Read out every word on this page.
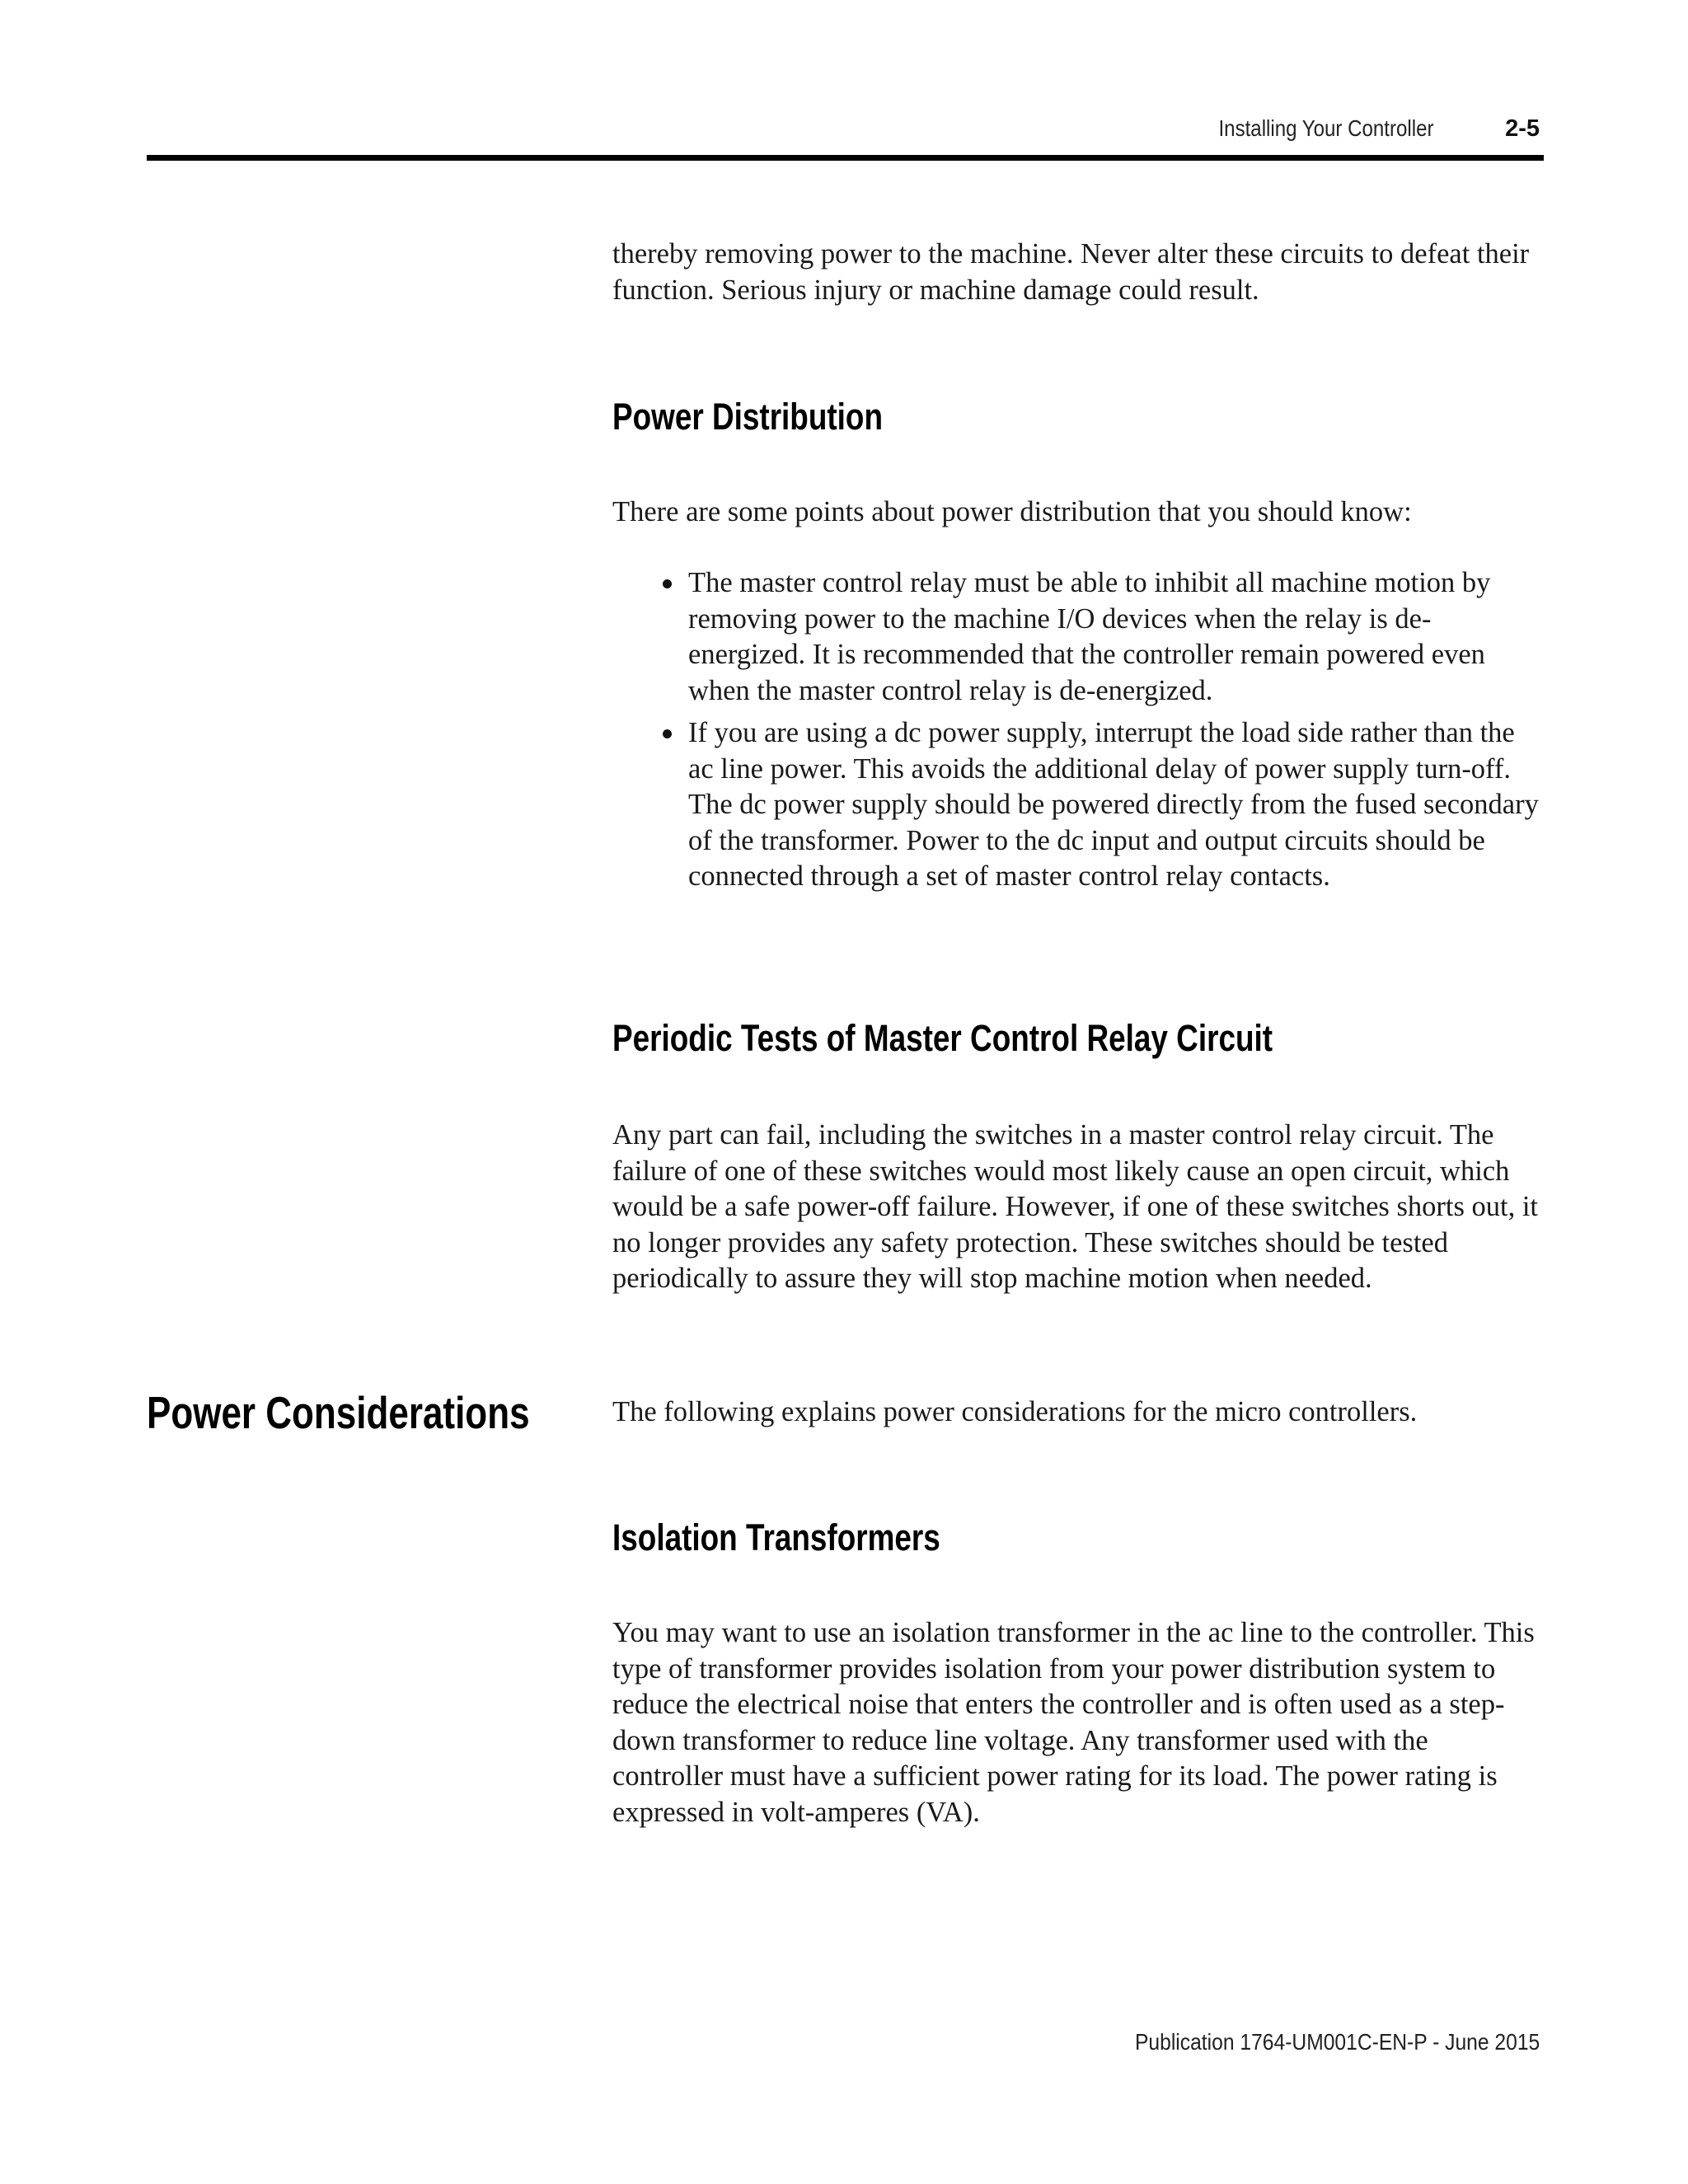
Installing Your Controller	2-5

thereby removing power to the machine. Never alter these circuits to defeat their function. Serious injury or machine damage could result.

Power Distribution

There are some points about power distribution that you should know:

The master control relay must be able to inhibit all machine motion by removing power to the machine I/O devices when the relay is de-energized. It is recommended that the controller remain powered even when the master control relay is de-energized.
If you are using a dc power supply, interrupt the load side rather than the ac line power. This avoids the additional delay of power supply turn-off. The dc power supply should be powered directly from the fused secondary of the transformer. Power to the dc input and output circuits should be connected through a set of master control relay contacts.
Periodic Tests of Master Control Relay Circuit

Any part can fail, including the switches in a master control relay circuit. The failure of one of these switches would most likely cause an open circuit, which would be a safe power-off failure. However, if one of these switches shorts out, it no longer provides any safety protection. These switches should be tested periodically to assure they will stop machine motion when needed.

Power Considerations	The following explains power considerations for the micro controllers.

Isolation Transformers

You may want to use an isolation transformer in the ac line to the controller. This type of transformer provides isolation from your power distribution system to reduce the electrical noise that enters the controller and is often used as a step-down transformer to reduce line voltage. Any transformer used with the controller must have a sufficient power rating for its load. The power rating is expressed in volt-amperes (VA).

Publication 1764-UM001C-EN-P - June 2015
